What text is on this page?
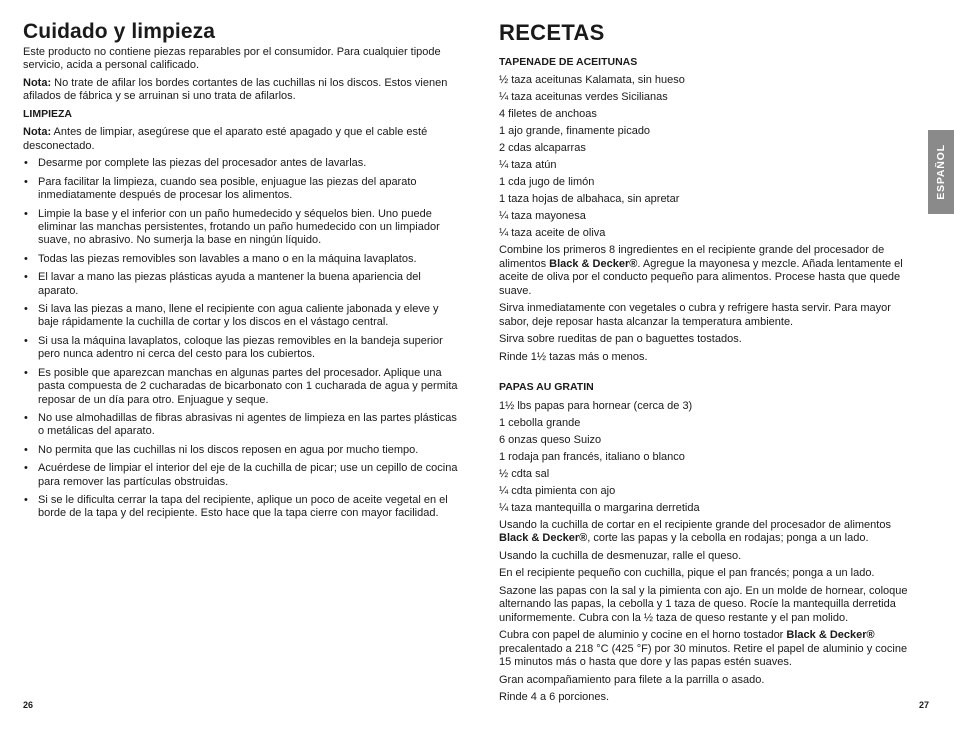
Cuidado y limpieza

Este producto no contiene piezas reparables por el consumidor. Para cualquier tipode servicio, acida a personal calificado.

Nota: No trate de afilar los bordes cortantes de las cuchillas ni los discos. Estos vienen afilados de fábrica y se arruinan si uno trata de afilarlos.

LIMPIEZA

Nota: Antes de limpiar, asegúrese que el aparato esté apagado y que el cable esté desconectado.

• Desarme por complete las piezas del procesador antes de lavarlas.
• Para facilitar la limpieza, cuando sea posible, enjuague las piezas del aparato inmediatamente después de procesar los alimentos.
• Limpie la base y el inferior con un paño humedecido y séquelos bien. Uno puede eliminar las manchas persistentes, frotando un paño humedecido con un limpiador suave, no abrasivo. No sumerja la base en ningún líquido.
• Todas las piezas removibles son lavables a mano o en la máquina lavaplatos.
• El lavar a mano las piezas plásticas ayuda a mantener la buena apariencia del aparato.
• Si lava las piezas a mano, llene el recipiente con agua caliente jabonada y eleve y baje rápidamente la cuchilla de cortar y los discos en el vástago central.
• Si usa la máquina lavaplatos, coloque las piezas removibles en la bandeja superior pero nunca adentro ni cerca del cesto para los cubiertos.
• Es posible que aparezcan manchas en algunas partes del procesador. Aplique una pasta compuesta de 2 cucharadas de bicarbonato con 1 cucharada de agua y permita reposar de un día para otro. Enjuague y seque.
• No use almohadillas de fibras abrasivas ni agentes de limpieza en las partes plásticas o metálicas del aparato.
• No permita que las cuchillas ni los discos reposen en agua por mucho tiempo.
• Acuérdese de limpiar el interior del eje de la cuchilla de picar; use un cepillo de cocina para remover las partículas obstruidas.
• Si se le dificulta cerrar la tapa del recipiente, aplique un poco de aceite vegetal en el borde de la tapa y del recipiente. Esto hace que la tapa cierre con mayor facilidad.
26
RECETAS

TAPENADE DE ACEITUNAS

½ taza aceitunas Kalamata, sin hueso

¼ taza aceitunas verdes Sicilianas

4 filetes de anchoas

1 ajo grande, finamente picado

2 cdas alcaparras

¼ taza atún

1 cda jugo de limón

1 taza hojas de albahaca, sin apretar

¼ taza mayonesa

¼ taza aceite de oliva

Combine los primeros 8 ingredientes en el recipiente grande del procesador de alimentos Black & Decker®. Agregue la mayonesa y mezcle. Añada lentamente el aceite de oliva por el conducto pequeño para alimentos. Procese hasta que quede suave.

Sirva inmediatamente con vegetales o cubra y refrigere hasta servir. Para mayor sabor, deje reposar hasta alcanzar la temperatura ambiente.

Sirva sobre rueditas de pan o baguettes tostados.

Rinde 1½ tazas más o menos.

PAPAS AU GRATIN

1½ lbs papas para hornear (cerca de 3)

1 cebolla grande

6 onzas queso Suizo

1 rodaja pan francés, italiano o blanco

½ cdta sal

¼ cdta pimienta con ajo

¼ taza mantequilla o margarina derretida

Usando la cuchilla de cortar en el recipiente grande del procesador de alimentos Black & Decker®, corte las papas y la cebolla en rodajas; ponga a un lado.

Usando la cuchilla de desmenuzar, ralle el queso.

En el recipiente pequeño con cuchilla, pique el pan francés; ponga a un lado.

Sazone las papas con la sal y la pimienta con ajo. En un molde de hornear, coloque alternando las papas, la cebolla y 1 taza de queso. Rocíe la mantequilla derretida uniformemente. Cubra con la ½ taza de queso restante y el pan molido.

Cubra con papel de aluminio y cocine en el horno tostador Black & Decker® precalentado a 218 °C (425 °F) por 30 minutos. Retire el papel de aluminio y cocine 15 minutos más o hasta que dore y las papas estén suaves.

Gran acompañamiento para filete a la parrilla o asado.

Rinde 4 a 6 porciones.

27
ESPAÑOL
